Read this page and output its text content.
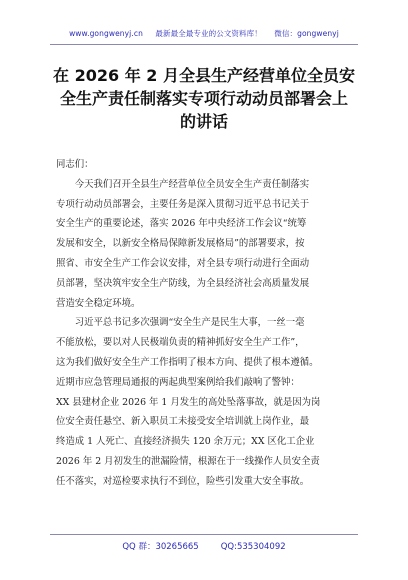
www.gongwenyj.cn 最新最全最专业的公文资料库！ 微信：gongwenyj
在 2026 年 2 月全县生产经营单位全员安
全生产责任制落实专项行动动员部署会上
的讲话
同志们：
　　今天我们召开全县生产经营单位全员安全生产责任制落实
专项行动动员部署会，主要任务是深入贯彻习近平总书记关于
安全生产的重要论述，落实 2026 年中央经济工作会议“统筹
发展和安全，以新安全格局保障新发展格局”的部署要求，按
照省、市安全生产工作会议安排，对全县专项行动进行全面动
员部署，坚决筑牢安全生产防线，为全县经济社会高质量发展
营造安全稳定环境。
　　习近平总书记多次强调“安全生产是民生大事，一丝一毫
不能放松，要以对人民极端负责的精神抓好安全生产工作”，
这为我们做好安全生产工作指明了根本方向、提供了根本遵循。
近期市应急管理局通报的两起典型案例给我们敲响了警钟：
XX 县建材企业 2026 年 1 月发生的高处坠落事故，就是因为岗
位安全责任悬空、新入职员工未接受安全培训就上岗作业，最
终造成 1 人死亡、直接经济损失 120 余万元；XX 区化工企业
2026 年 2 月初发生的泄漏险情，根源在于一线操作人员安全责
任不落实，对巡检要求执行不到位，险些引发重大安全事故。
QQ 群：30265665	QQ:535304092
